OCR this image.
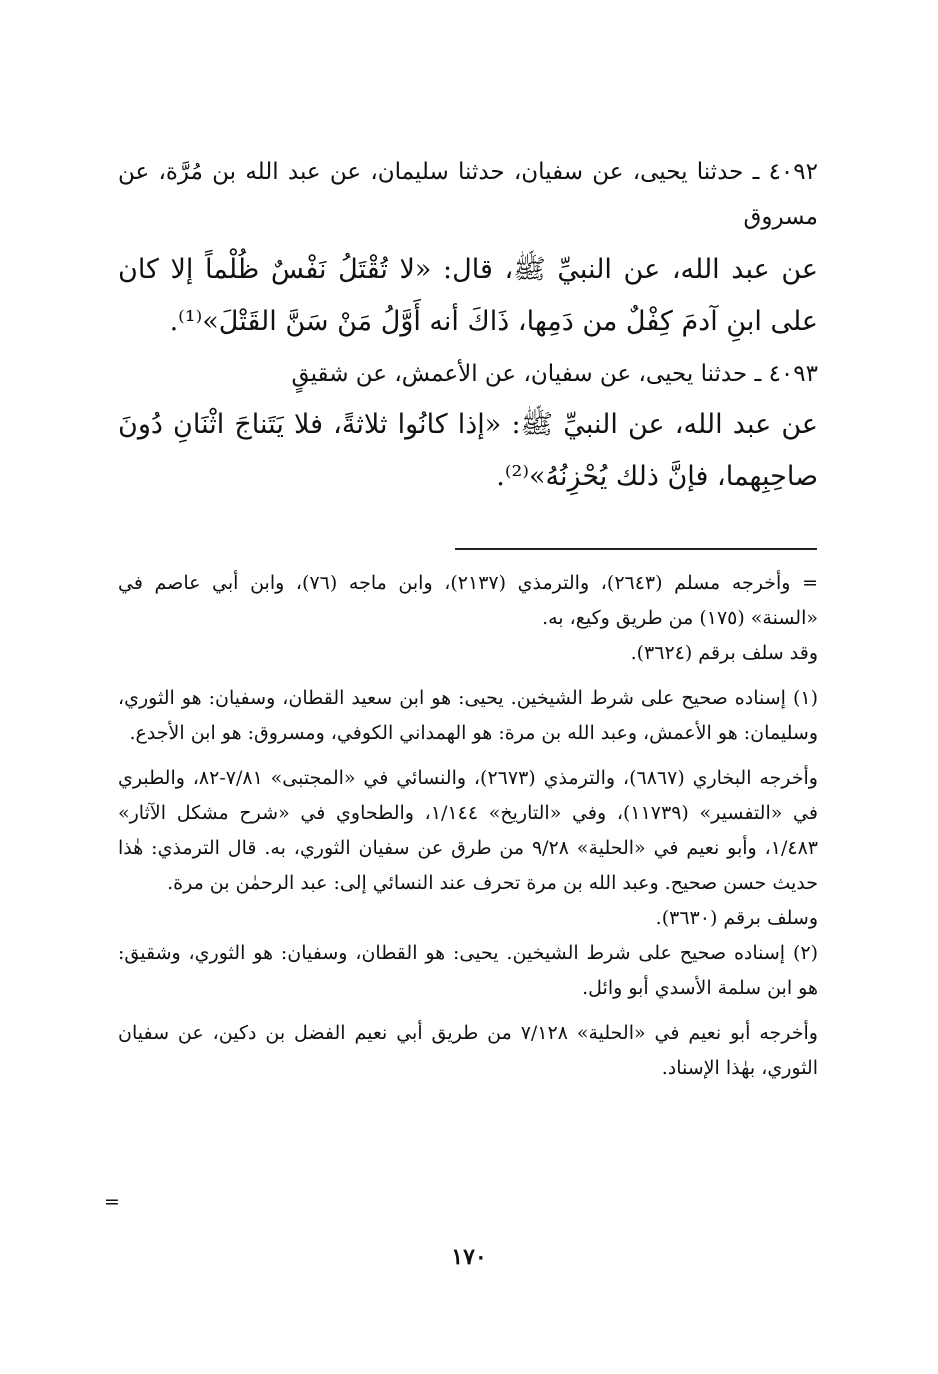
٤٠٩٢ ـ حدثنا يحيى، عن سفيان، حدثنا سليمان، عن عبد الله بن مُرَّة، عن مسروق

عن عبد الله، عن النبيِّ ﷺ، قال: «لا تُقْتَلُ نَفْسٌ ظُلْماً إلا كان على ابنِ آدمَ كِفْلٌ من دَمِها، ذَاكَ أنه أَوَّلُ مَنْ سَنَّ القَتْلَ»⁽¹⁾.

٤٠٩٣ ـ حدثنا يحيى، عن سفيان، عن الأعمش، عن شقيقٍ

عن عبد الله، عن النبيِّ ﷺ: «إذا كانُوا ثلاثةً، فلا يَتَناجَ اثْنَانِ دُونَ صاحِبِهما، فإنَّ ذلك يُحْزِنُهُ»⁽²⁾.

= وأخرجه مسلم (٢٦٤٣)، والترمذي (٢١٣٧)، وابن ماجه (٧٦)، وابن أبي عاصم في «السنة» (١٧٥) من طريق وكيع، به.

وقد سلف برقم (٣٦٢٤).

(١) إسناده صحيح على شرط الشيخين. يحيى: هو ابن سعيد القطان، وسفيان: هو الثوري، وسليمان: هو الأعمش، وعبد الله بن مرة: هو الهمداني الكوفي، ومسروق: هو ابن الأجدع.

وأخرجه البخاري (٦٨٦٧)، والترمذي (٢٦٧٣)، والنسائي في «المجتبى» ٧/٨١-٨٢، والطبري في «التفسير» (١١٧٣٩)، وفي «التاريخ» ١/١٤٤، والطحاوي في «شرح مشكل الآثار» ١/٤٨٣، وأبو نعيم في «الحلية» ٩/٢٨ من طرق عن سفيان الثوري، به. قال الترمذي: هٰذا حديث حسن صحيح. وعبد الله بن مرة تحرف عند النسائي إلى: عبد الرحمٰن بن مرة.

وسلف برقم (٣٦٣٠).

(٢) إسناده صحيح على شرط الشيخين. يحيى: هو القطان، وسفيان: هو الثوري، وشقيق: هو ابن سلمة الأسدي أبو وائل.

وأخرجه أبو نعيم في «الحلية» ٧/١٢٨ من طريق أبي نعيم الفضل بن دكين، عن سفيان الثوري، بهٰذا الإسناد.

=
١٧٠
